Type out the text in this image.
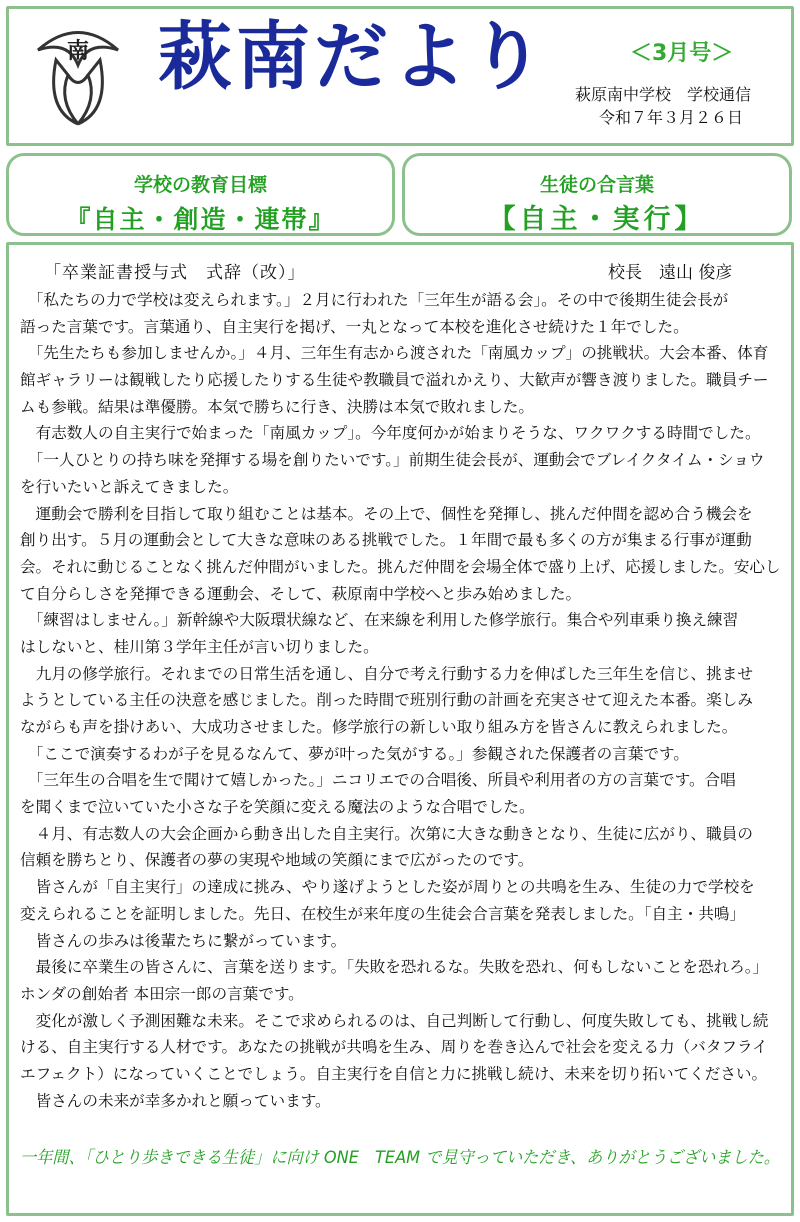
南 萩南だより	＜3月号＞
萩原南中学校　学校通信
令和７年３月２６日
学校の教育目標
『自主・創造・連帯』
生徒の合言葉
【自主・実行】
「卒業証書授与式　式辞（改）」	校長　遠山 俊彦
　「私たちの力で学校は変えられます。」２月に行われた「三年生が語る会」。その中で後期生徒会長が
語った言葉です。言葉通り、自主実行を掲げ、一丸となって本校を進化させ続けた１年でした。
　「先生たちも参加しませんか。」４月、三年生有志から渡された「南風カップ」の挑戦状。大会本番、体育
館ギャラリーは観戦したり応援したりする生徒や教職員で溢れかえり、大歓声が響き渡りました。職員チー
ムも参戦。結果は準優勝。本気で勝ちに行き、決勝は本気で敗れました。
　有志数人の自主実行で始まった「南風カップ」。今年度何かが始まりそうな、ワクワクする時間でした。
　「一人ひとりの持ち味を発揮する場を創りたいです。」前期生徒会長が、運動会でブレイクタイム・ショウ
を行いたいと訴えてきました。
　運動会で勝利を目指して取り組むことは基本。その上で、個性を発揮し、挑んだ仲間を認め合う機会を
創り出す。５月の運動会として大きな意味のある挑戦でした。１年間で最も多くの方が集まる行事が運動
会。それに動じることなく挑んだ仲間がいました。挑んだ仲間を会場全体で盛り上げ、応援しました。安心し
て自分らしさを発揮できる運動会、そして、萩原南中学校へと歩み始めました。
　「練習はしません。」新幹線や大阪環状線など、在来線を利用した修学旅行。集合や列車乗り換え練習
はしないと、桂川第３学年主任が言い切りました。
　九月の修学旅行。それまでの日常生活を通し、自分で考え行動する力を伸ばした三年生を信じ、挑ませ
ようとしている主任の決意を感じました。削った時間で班別行動の計画を充実させて迎えた本番。楽しみ
ながらも声を掛けあい、大成功させました。修学旅行の新しい取り組み方を皆さんに教えられました。
　「ここで演奏するわが子を見るなんて、夢が叶った気がする。」参観された保護者の言葉です。
　「三年生の合唱を生で聞けて嬉しかった。」ニコリエでの合唱後、所員や利用者の方の言葉です。合唱
を聞くまで泣いていた小さな子を笑顔に変える魔法のような合唱でした。
　４月、有志数人の大会企画から動き出した自主実行。次第に大きな動きとなり、生徒に広がり、職員の
信頼を勝ちとり、保護者の夢の実現や地域の笑顔にまで広がったのです。
　皆さんが「自主実行」の達成に挑み、やり遂げようとした姿が周りとの共鳴を生み、生徒の力で学校を
変えられることを証明しました。先日、在校生が来年度の生徒会合言葉を発表しました。「自主・共鳴」
　皆さんの歩みは後輩たちに繋がっています。
　最後に卒業生の皆さんに、言葉を送ります。「失敗を恐れるな。失敗を恐れ、何もしないことを恐れろ。」
ホンダの創始者 本田宗一郎の言葉です。
　変化が激しく予測困難な未来。そこで求められるのは、自己判断して行動し、何度失敗しても、挑戦し続
ける、自主実行する人材です。あなたの挑戦が共鳴を生み、周りを巻き込んで社会を変える力（バタフライ
エフェクト）になっていくことでしょう。自主実行を自信と力に挑戦し続け、未来を切り拓いてください。
　皆さんの未来が幸多かれと願っています。
一年間、「ひとり歩きできる生徒」に向け ONE　TEAM で見守っていただき、ありがとうございました。
